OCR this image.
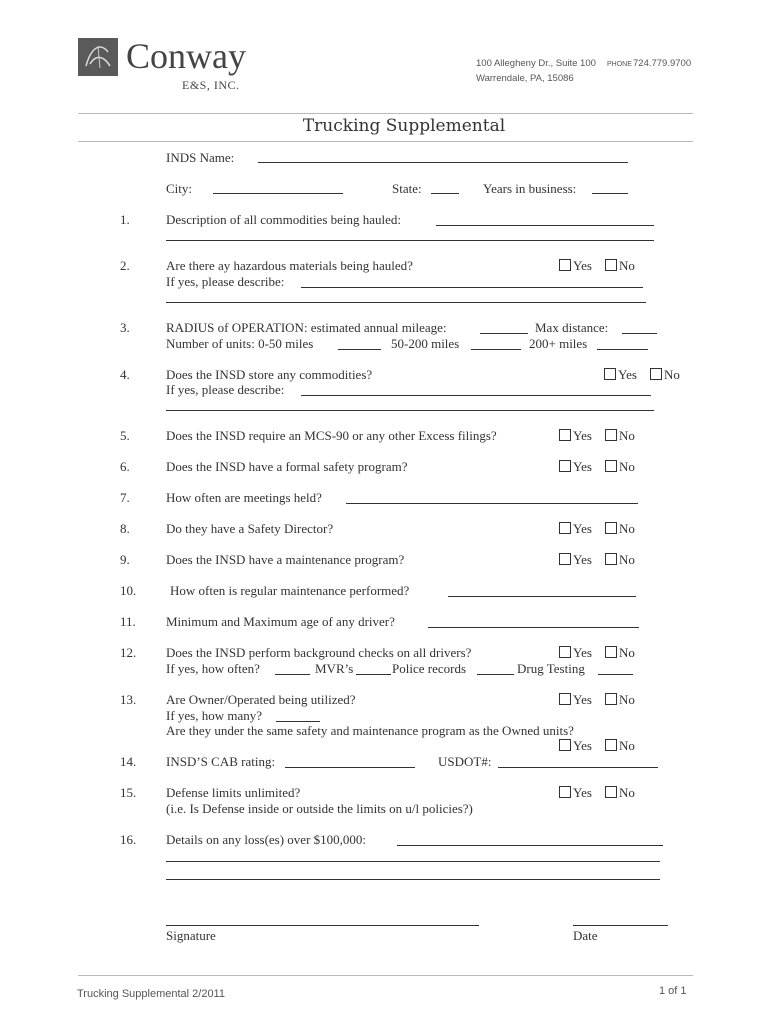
Conway
E&S, INC.
100 Allegheny Dr., Suite 100
Warrendale, PA, 15086
PHONE 724.779.9700
Trucking Supplemental
INDS Name:
City:	State:	Years in business:
1.	Description of all commodities being hauled:
2.	Are there ay hazardous materials being hauled?	Yes	No
If yes, please describe:
3.	RADIUS of OPERATION: estimated annual mileage:	Max distance:
Number of units: 0-50 miles	50-200 miles	200+ miles
4.	Does the INSD store any commodities?	Yes	No
If yes, please describe:
5.	Does the INSD require an MCS-90 or any other Excess filings?	Yes	No
6.	Does the INSD have a formal safety program?	Yes	No
7.	How often are meetings held?
8.	Do they have a Safety Director?	Yes	No
9.	Does the INSD have a maintenance program?	Yes	No
10.	How often is regular maintenance performed?
11. Minimum and Maximum age of any driver?
12. Does the INSD perform background checks on all drivers?	Yes	No
If yes, how often?	MVR’s	Police records	Drug Testing
13. Are Owner/Operated being utilized?	Yes	No
If yes, how many?
Are they under the same safety and maintenance program as the Owned units?
Yes	No
14. INSD’S CAB rating:	USDOT#:
15. Defense limits unlimited?	Yes	No
(i.e. Is Defense inside or outside the limits on u/l policies?)
16. Details on any loss(es) over $100,000:
Signature	Date
Trucking Supplemental 2/2011	1 of 1
